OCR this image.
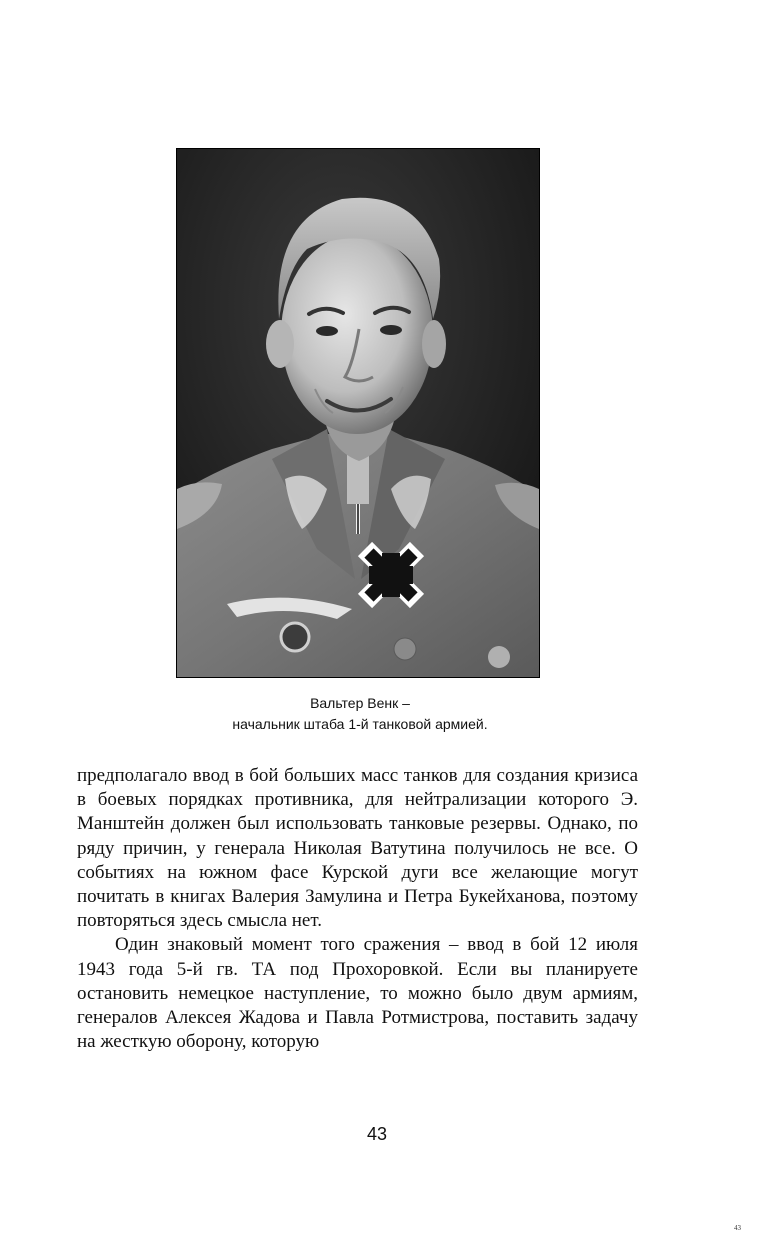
Вальтер Венк –
начальник штаба 1-й танковой армией.

предполагало ввод в бой больших масс танков для создания кризиса в боевых порядках противника, для нейтрализации которого Э. Манштейн должен был использовать танковые резервы. Однако, по ряду причин, у генерала Николая Ватутина получилось не все. О событиях на южном фасе Курской дуги все желающие могут почитать в книгах Валерия Замулина и Петра Букейханова, поэтому повторяться здесь смысла нет.

Один знаковый момент того сражения – ввод в бой 12 июля 1943 года 5-й гв. ТА под Прохоровкой. Если вы планируете остановить немецкое наступление, то можно было двум армиям, генералов Алексея Жадова и Павла Ротмистрова, поставить задачу на жесткую оборону, которую

43
43
